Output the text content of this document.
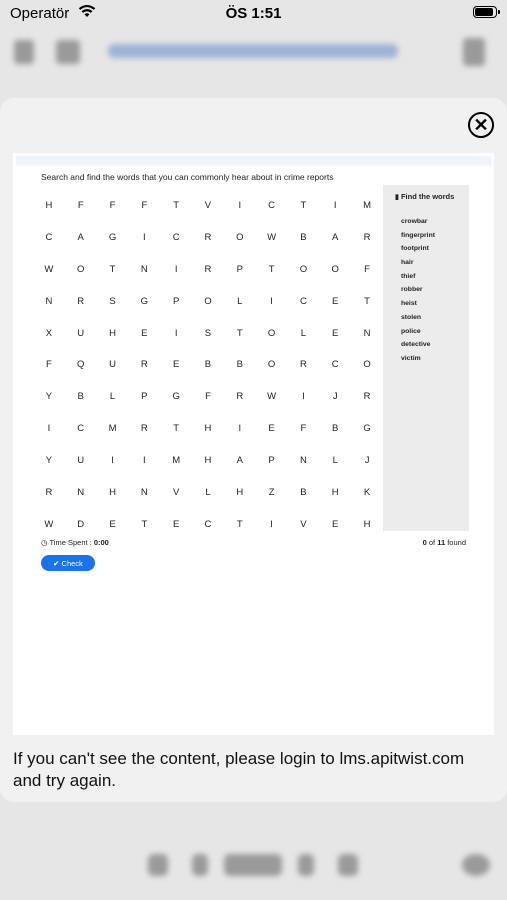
Operatör	ÖS 1:51
✕
Search and find the words that you can commonly hear about in crime reports
H	F	F	F	T	V	I	C	T	I	M
C	A	G	I	C	R	O	W	B	A	R
W	O	T	N	I	R	P	T	O	O	F
N	R	S	G	P	O	L	I	C	E	T
X	U	H	E	I	S	T	O	L	E	N
F	Q	U	R	E	B	B	O	R	C	O
Y	B	L	P	G	F	R	W	I	J	R
I	C	M	R	T	H	I	E	F	B	G
Y	U	I	I	M	H	A	P	N	L	J
R	N	H	N	V	L	H	Z	B	H	K
W	D	E	T	E	C	T	I	V	E	H
▮ Find the words
crowbar
fingerprint
footprint
hair
thief
robber
heist
stolen
police
detective
victim
◷ Time Spent : 0:00	0 of 11 found
✔ Check
If you can't see the content, please login to lms.apitwist.com and try again.
